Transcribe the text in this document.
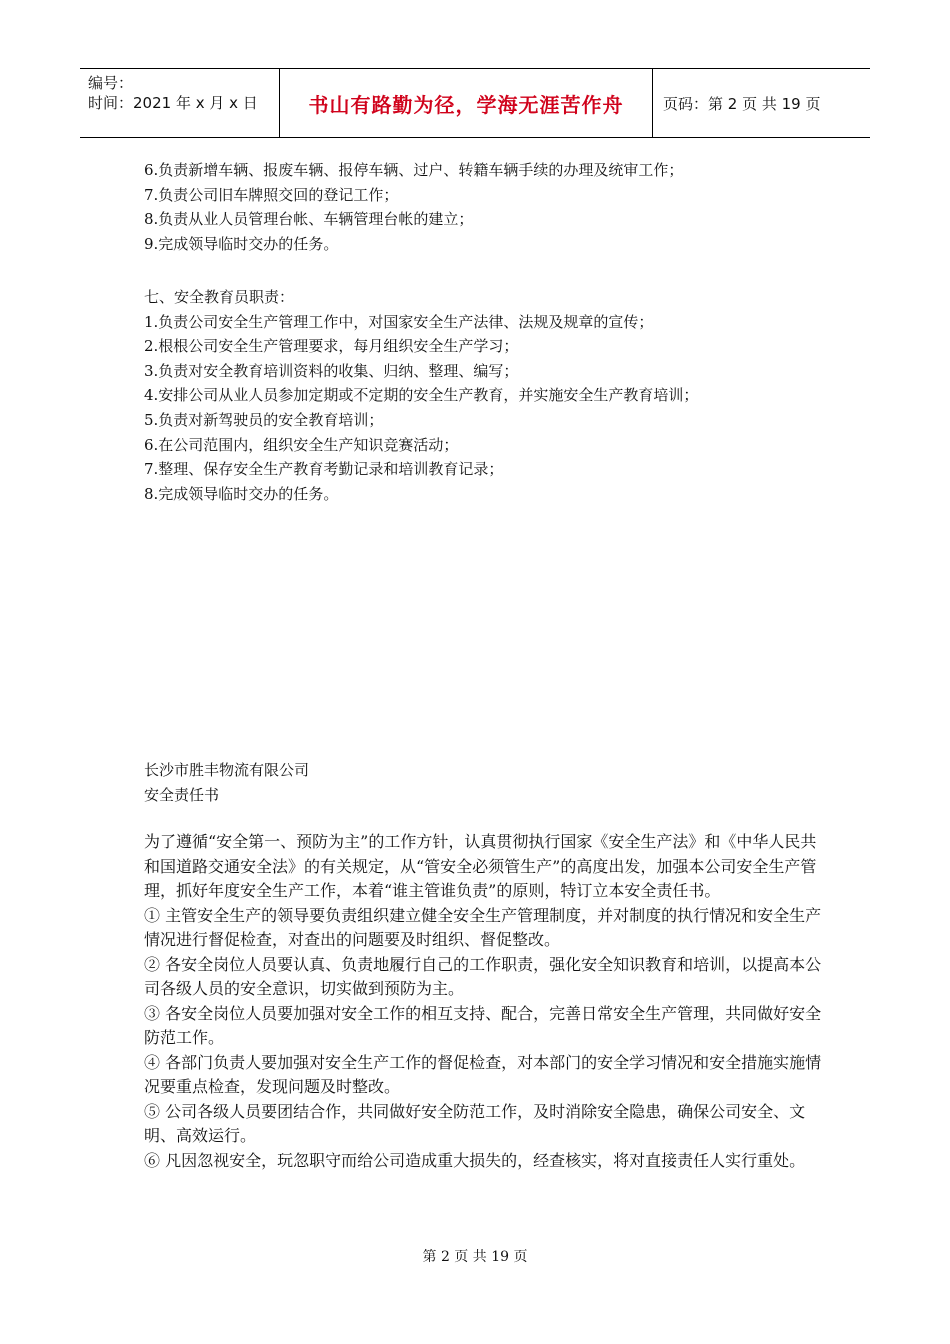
编号：
时间：2021 年 x 月 x 日	书山有路勤为径，学海无涯苦作舟	页码：第 2 页 共 19 页
6.负责新增车辆、报废车辆、报停车辆、过户、转籍车辆手续的办理及统审工作；
7.负责公司旧车牌照交回的登记工作；
8.负责从业人员管理台帐、车辆管理台帐的建立；
9.完成领导临时交办的任务。
七、安全教育员职责：
1.负责公司安全生产管理工作中，对国家安全生产法律、法规及规章的宣传；
2.根根公司安全生产管理要求，每月组织安全生产学习；
3.负责对安全教育培训资料的收集、归纳、整理、编写；
4.安排公司从业人员参加定期或不定期的安全生产教育，并实施安全生产教育培训；
5.负责对新驾驶员的安全教育培训；
6.在公司范围内，组织安全生产知识竞赛活动；
7.整理、保存安全生产教育考勤记录和培训教育记录；
8.完成领导临时交办的任务。
长沙市胜丰物流有限公司
安全责任书

为了遵循“安全第一、预防为主”的工作方针，认真贯彻执行国家《安全生产法》和《中华人民共和国道路交通安全法》的有关规定，从“管安全必须管生产”的高度出发，加强本公司安全生产管理，抓好年度安全生产工作，本着“谁主管谁负责”的原则，特订立本安全责任书。

① 主管安全生产的领导要负责组织建立健全安全生产管理制度，并对制度的执行情况和安全生产情况进行督促检查，对查出的问题要及时组织、督促整改。

② 各安全岗位人员要认真、负责地履行自己的工作职责，强化安全知识教育和培训，以提高本公司各级人员的安全意识，切实做到预防为主。

③ 各安全岗位人员要加强对安全工作的相互支持、配合，完善日常安全生产管理，共同做好安全防范工作。

④ 各部门负责人要加强对安全生产工作的督促检查，对本部门的安全学习情况和安全措施实施情况要重点检查，发现问题及时整改。

⑤ 公司各级人员要团结合作，共同做好安全防范工作，及时消除安全隐患，确保公司安全、文明、高效运行。

⑥ 凡因忽视安全，玩忽职守而给公司造成重大损失的，经查核实，将对直接责任人实行重处。

第 2 页 共 19 页
